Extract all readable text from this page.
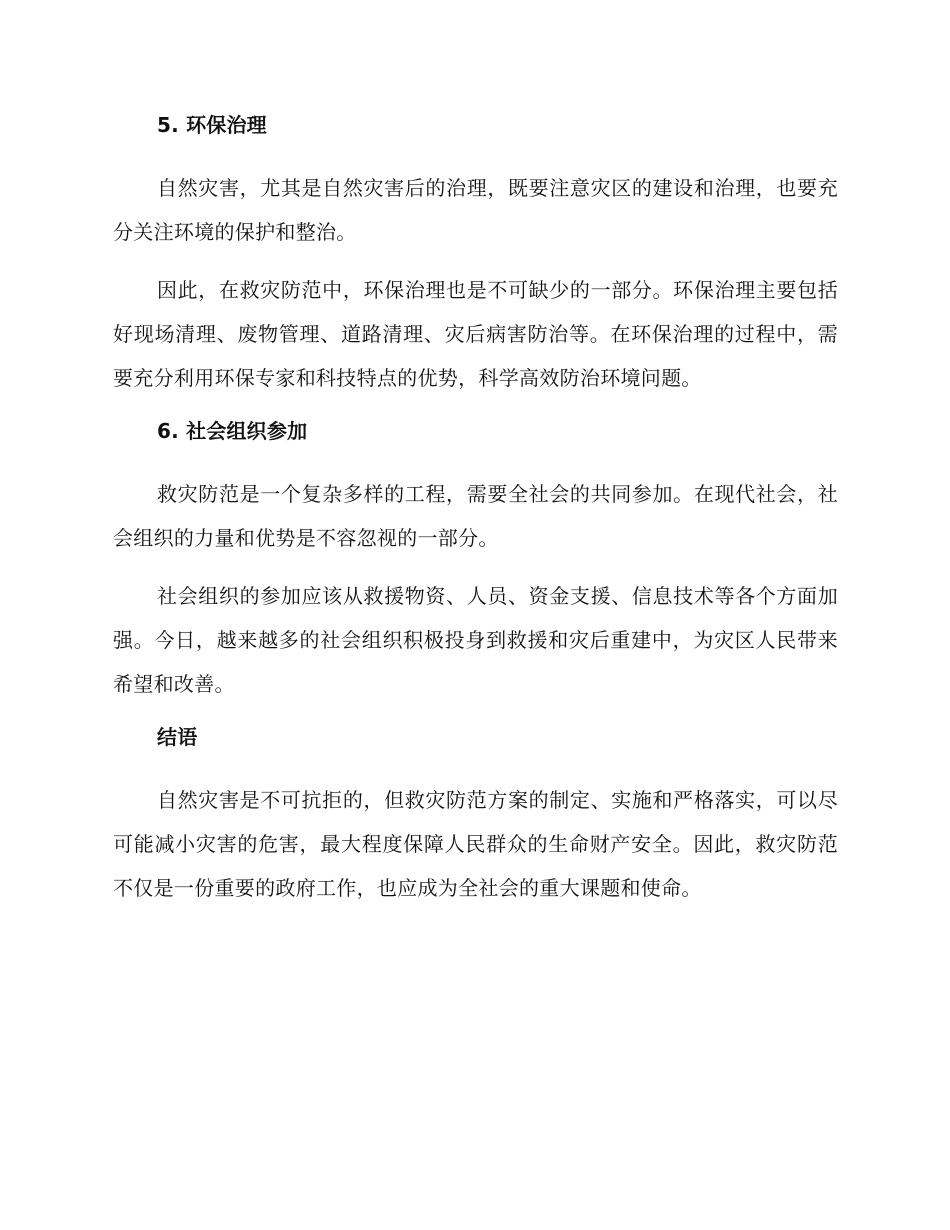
5. 环保治理

自然灾害，尤其是自然灾害后的治理，既要注意灾区的建设和治理，也要充分关注环境的保护和整治。

因此，在救灾防范中，环保治理也是不可缺少的一部分。环保治理主要包括好现场清理、废物管理、道路清理、灾后病害防治等。在环保治理的过程中，需要充分利用环保专家和科技特点的优势，科学高效防治环境问题。

6. 社会组织参加

救灾防范是一个复杂多样的工程，需要全社会的共同参加。在现代社会，社会组织的力量和优势是不容忽视的一部分。

社会组织的参加应该从救援物资、人员、资金支援、信息技术等各个方面加强。今日，越来越多的社会组织积极投身到救援和灾后重建中，为灾区人民带来希望和改善。

结语

自然灾害是不可抗拒的，但救灾防范方案的制定、实施和严格落实，可以尽可能减小灾害的危害，最大程度保障人民群众的生命财产安全。因此，救灾防范不仅是一份重要的政府工作，也应成为全社会的重大课题和使命。
